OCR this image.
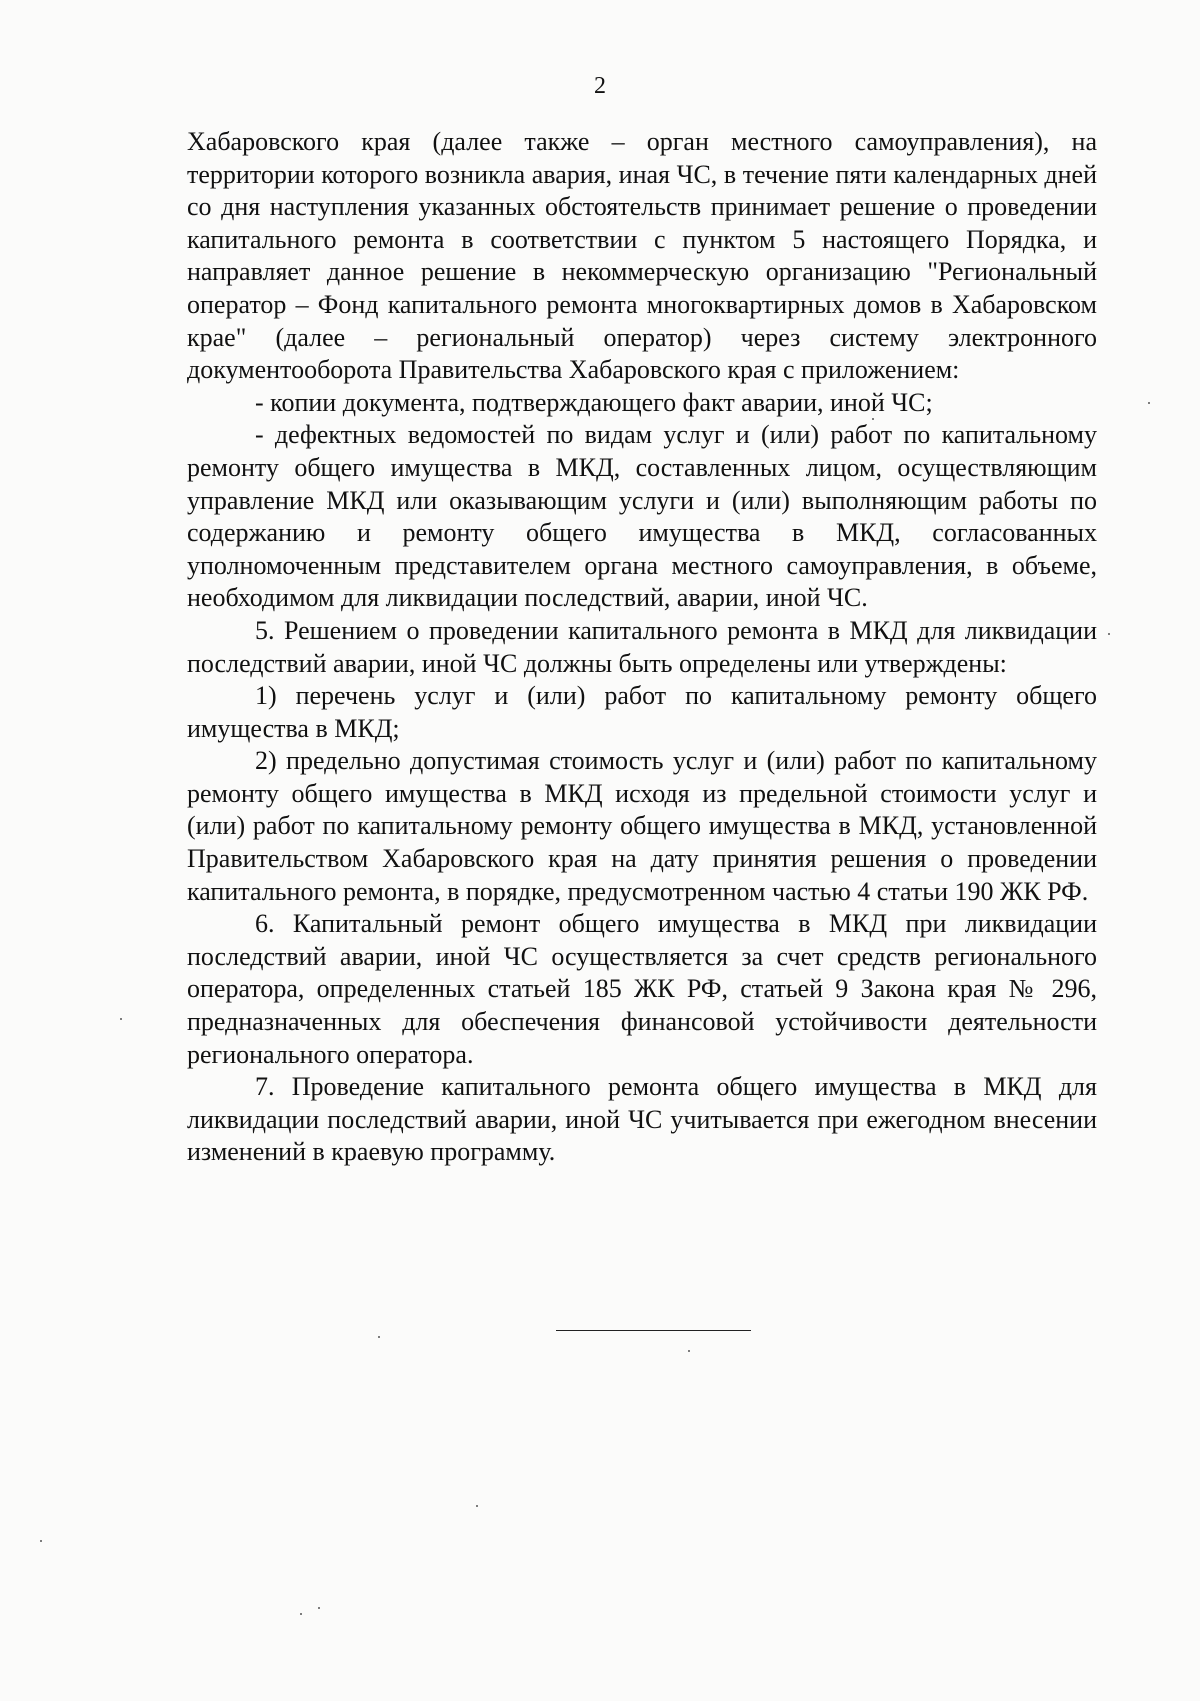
2

Хабаровского края (далее также – орган местного самоуправления), на территории которого возникла авария, иная ЧС, в течение пяти календарных дней со дня наступления указанных обстоятельств принимает решение о проведении капитального ремонта в соответствии с пунктом 5 настоящего Порядка, и направляет данное решение в некоммерческую организацию "Региональный оператор – Фонд капитального ремонта многоквартирных домов в Хабаровском крае" (далее – региональный оператор) через систему электронного документооборота Правительства Хабаровского края с приложением:

- копии документа, подтверждающего факт аварии, иной ЧС;

- дефектных ведомостей по видам услуг и (или) работ по капитальному ремонту общего имущества в МКД, составленных лицом, осуществляющим управление МКД или оказывающим услуги и (или) выполняющим работы по содержанию и ремонту общего имущества в МКД, согласованных уполномоченным представителем органа местного самоуправления, в объеме, необходимом для ликвидации последствий, аварии, иной ЧС.

5. Решением о проведении капитального ремонта в МКД для ликвидации последствий аварии, иной ЧС должны быть определены или утверждены:

1) перечень услуг и (или) работ по капитальному ремонту общего имущества в МКД;

2) предельно допустимая стоимость услуг и (или) работ по капитальному ремонту общего имущества в МКД исходя из предельной стоимости услуг и (или) работ по капитальному ремонту общего имущества в МКД, установленной Правительством Хабаровского края на дату принятия решения о проведении капитального ремонта, в порядке, предусмотренном частью 4 статьи 190 ЖК РФ.

6. Капитальный ремонт общего имущества в МКД при ликвидации последствий аварии, иной ЧС осуществляется за счет средств регионального оператора, определенных статьей 185 ЖК РФ, статьей 9 Закона края № 296, предназначенных для обеспечения финансовой устойчивости деятельности регионального оператора.

7. Проведение капитального ремонта общего имущества в МКД для ликвидации последствий аварии, иной ЧС учитывается при ежегодном внесении изменений в краевую программу.
